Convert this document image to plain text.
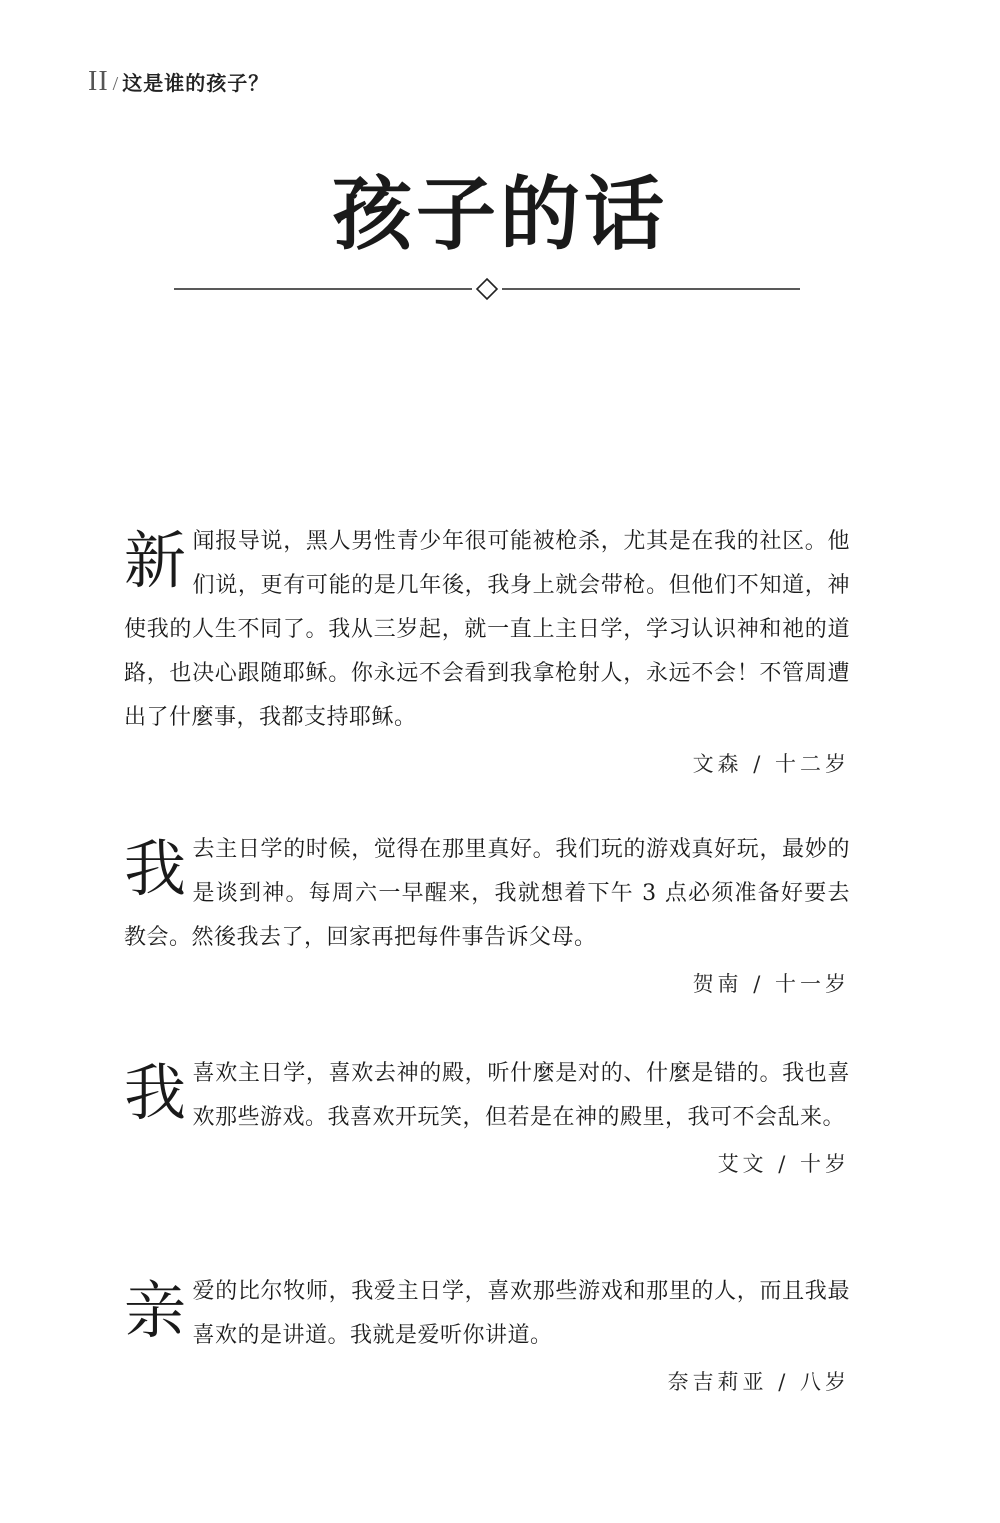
II / 这是谁的孩子？
孩子的话

新闻报导说，黑人男性青少年很可能被枪杀，尤其是在我的社区。他们说，更有可能的是几年後，我身上就会带枪。但他们不知道，神使我的人生不同了。我从三岁起，就一直上主日学，学习认识神和祂的道路，也决心跟随耶稣。你永远不会看到我拿枪射人，永远不会！不管周遭出了什麼事，我都支持耶稣。

文森 / 十二岁

我去主日学的时候，觉得在那里真好。我们玩的游戏真好玩，最妙的是谈到神。每周六一早醒来，我就想着下午 3 点必须准备好要去教会。然後我去了，回家再把每件事告诉父母。

贺南 / 十一岁

我喜欢主日学，喜欢去神的殿，听什麼是对的、什麼是错的。我也喜欢那些游戏。我喜欢开玩笑，但若是在神的殿里，我可不会乱来。

艾文 / 十岁

亲爱的比尔牧师，我爱主日学，喜欢那些游戏和那里的人，而且我最喜欢的是讲道。我就是爱听你讲道。

奈吉莉亚 / 八岁
